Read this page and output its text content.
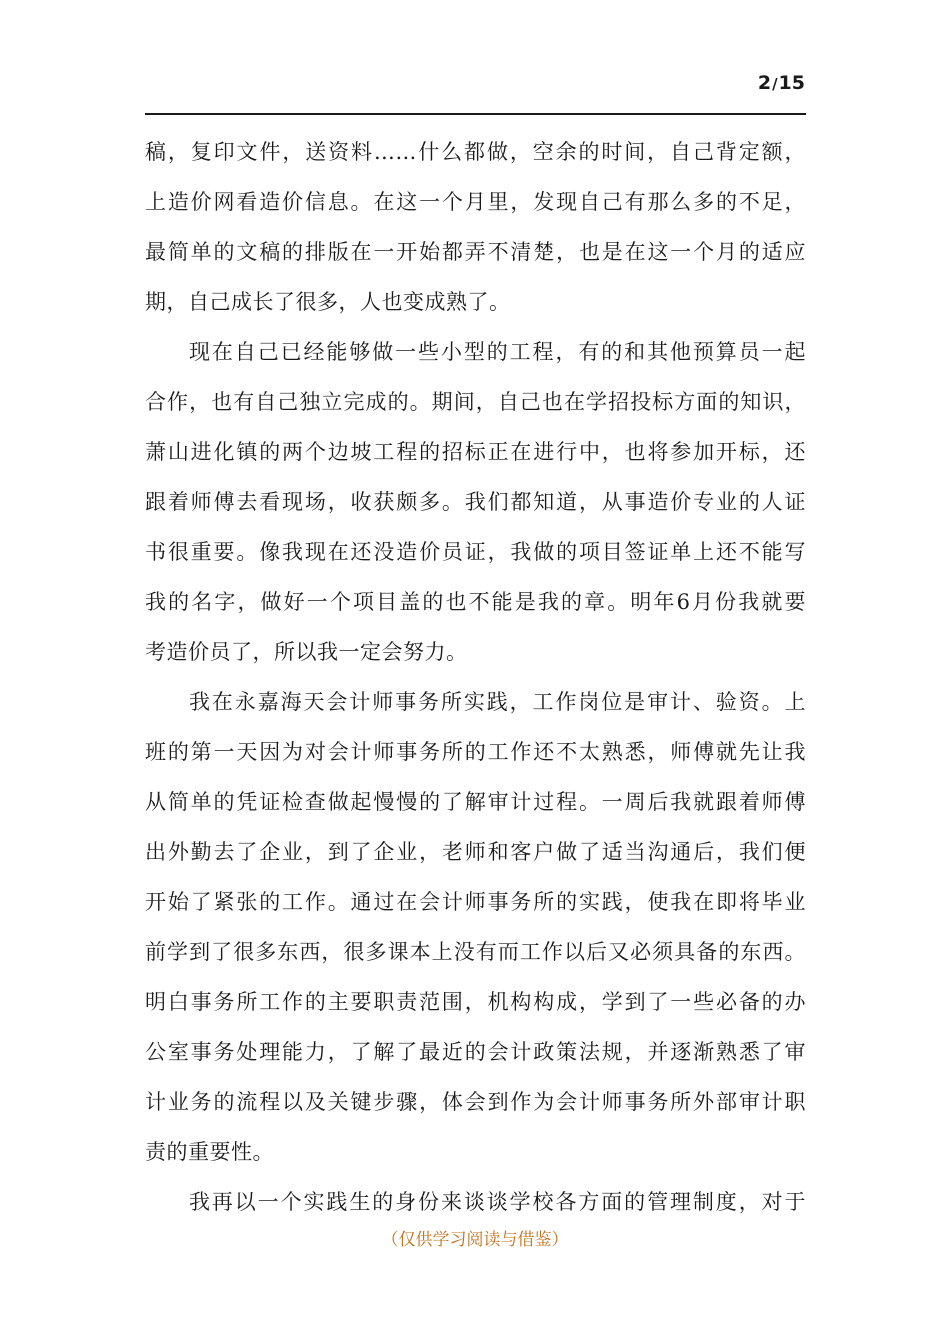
2/15
稿，复印文件，送资料……什么都做，空余的时间，自己背定额，
上造价网看造价信息。在这一个月里，发现自己有那么多的不足，
最简单的文稿的排版在一开始都弄不清楚，也是在这一个月的适应
期，自己成长了很多，人也变成熟了。
现在自己已经能够做一些小型的工程，有的和其他预算员一起
合作，也有自己独立完成的。期间，自己也在学招投标方面的知识，
萧山进化镇的两个边坡工程的招标正在进行中，也将参加开标，还
跟着师傅去看现场，收获颇多。我们都知道，从事造价专业的人证
书很重要。像我现在还没造价员证，我做的项目签证单上还不能写
我的名字，做好一个项目盖的也不能是我的章。明年6月份我就要
考造价员了，所以我一定会努力。
我在永嘉海天会计师事务所实践，工作岗位是审计、验资。上
班的第一天因为对会计师事务所的工作还不太熟悉，师傅就先让我
从简单的凭证检查做起慢慢的了解审计过程。一周后我就跟着师傅
出外勤去了企业，到了企业，老师和客户做了适当沟通后，我们便
开始了紧张的工作。通过在会计师事务所的实践，使我在即将毕业
前学到了很多东西，很多课本上没有而工作以后又必须具备的东西。
明白事务所工作的主要职责范围，机构构成，学到了一些必备的办
公室事务处理能力，了解了最近的会计政策法规，并逐渐熟悉了审
计业务的流程以及关键步骤，体会到作为会计师事务所外部审计职
责的重要性。
我再以一个实践生的身份来谈谈学校各方面的管理制度，对于
（仅供学习阅读与借鉴）
